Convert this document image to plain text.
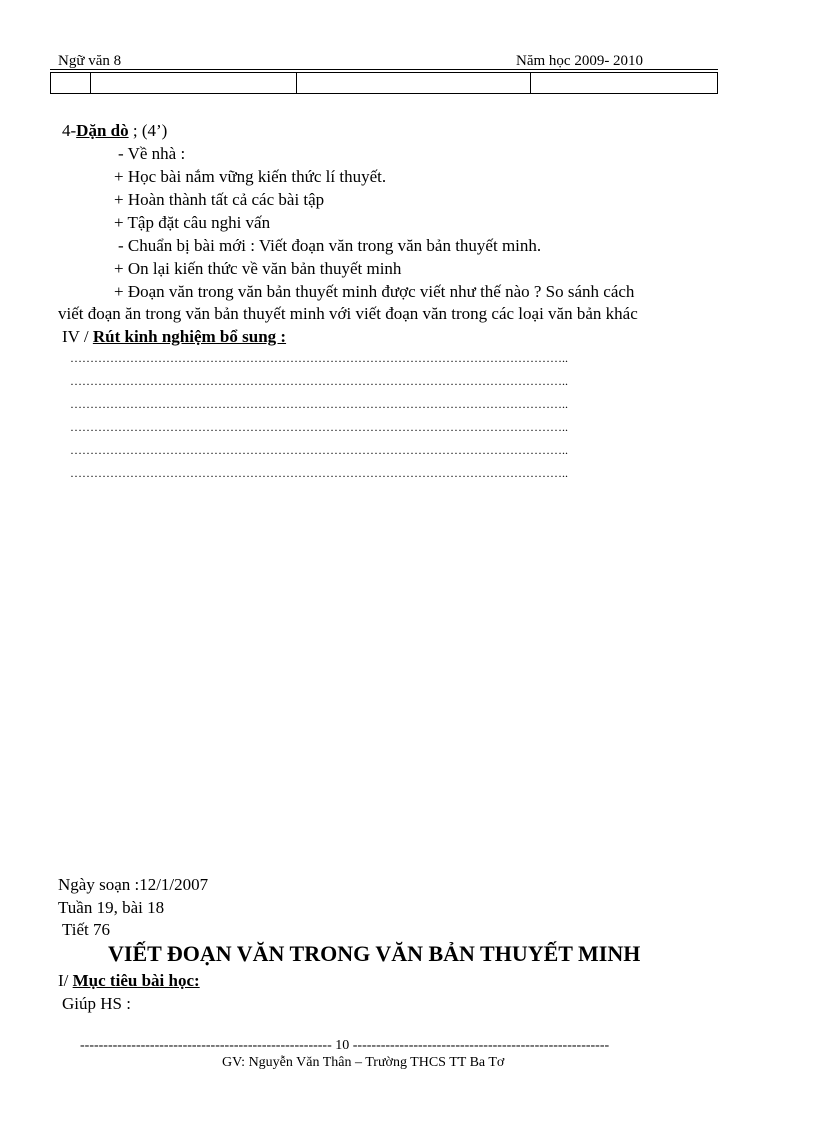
Ngữ văn 8	Năm học 2009- 2010
4-Dặn dò ; (4’)
- Về nhà :
+ Học bài nắm vững kiến thức lí thuyết.
+ Hoàn thành tất cả các bài tập
+ Tập đặt câu nghi vấn
- Chuẩn bị bài mới : Viết đoạn văn trong văn bản thuyết minh.
+ On lại kiến thức về văn bản thuyết minh
+ Đoạn văn trong văn bản thuyết minh được viết như thế nào ? So sánh cách
viết đoạn ăn trong văn bản thuyết minh với viết đoạn văn trong các loại văn bản khác
IV / Rút kinh nghiệm bổ sung :
……………………………………………………………………………………………………………..
……………………………………………………………………………………………………………..
……………………………………………………………………………………………………………..
……………………………………………………………………………………………………………..
……………………………………………………………………………………………………………..
……………………………………………………………………………………………………………..
Ngày soạn :12/1/2007
Tuần 19, bài 18
Tiết 76
VIẾT ĐOẠN VĂN TRONG VĂN BẢN THUYẾT MINH
I/ Mục tiêu bài học:
Giúp HS :
------------------------------------------------------ 10 -------------------------------------------------------
GV: Nguyễn Văn Thân – Trường THCS TT Ba Tơ
